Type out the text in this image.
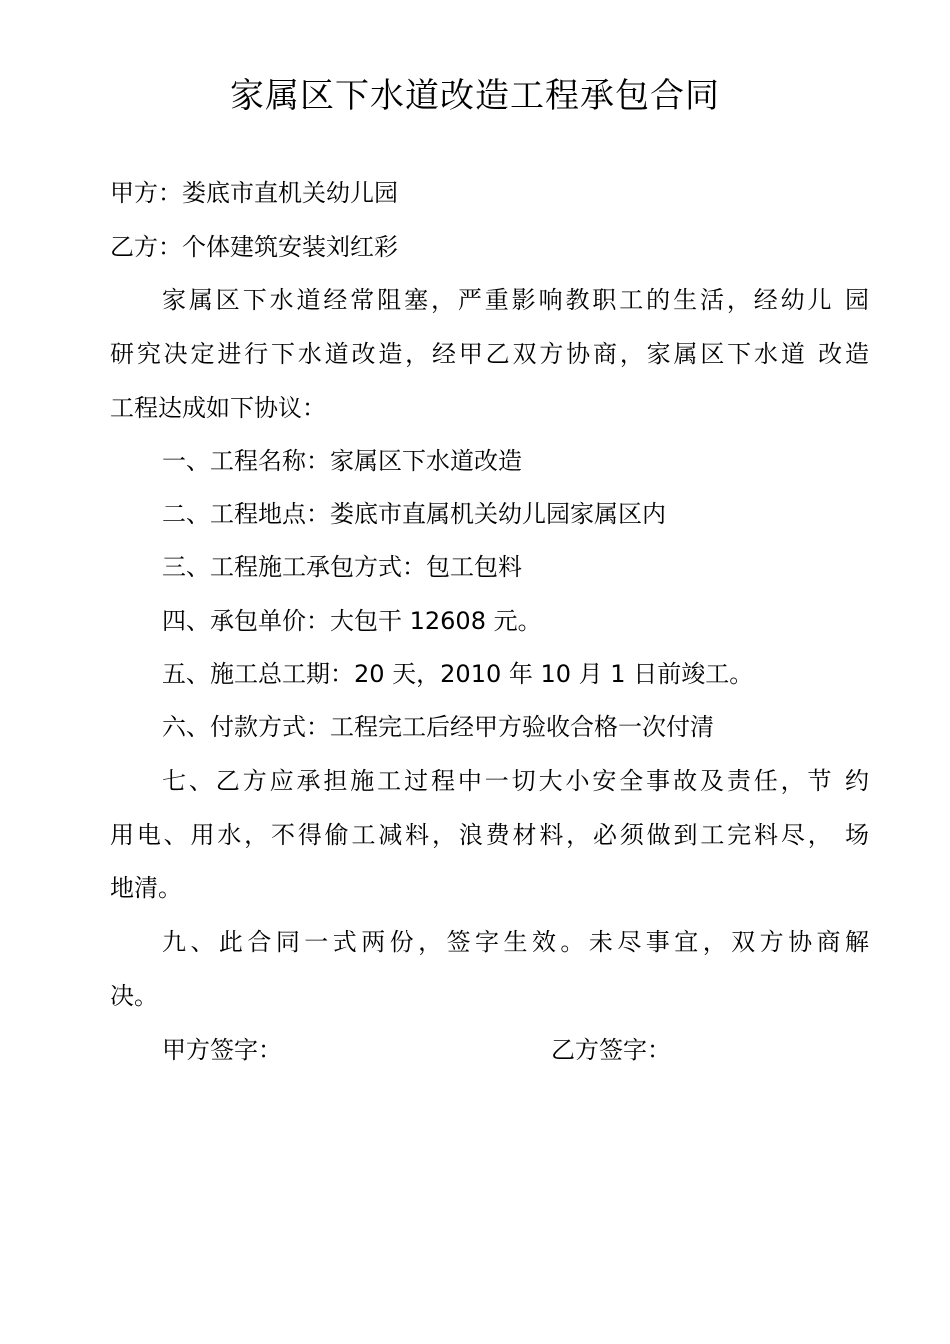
家属区下水道改造工程承包合同
甲方：娄底市直机关幼儿园
乙方：个体建筑安装刘红彩
家属区下水道经常阻塞，严重影响教职工的生活，经幼儿 园
研究决定进行下水道改造，经甲乙双方协商，家属区下水道 改造
工程达成如下协议：
一、工程名称：家属区下水道改造
二、工程地点：娄底市直属机关幼儿园家属区内
三、工程施工承包方式：包工包料
四、承包单价：大包干 12608 元。
五、施工总工期：20 天，2010 年 10 月 1 日前竣工。
六、付款方式：工程完工后经甲方验收合格一次付清
七、乙方应承担施工过程中一切大小安全事故及责任，节 约
用电、用水，不得偷工减料，浪费材料，必须做到工完料尽， 场
地清。
九、此合同一式两份，签字生效。未尽事宜，双方协商解
决。
甲方签字：	乙方签字：
